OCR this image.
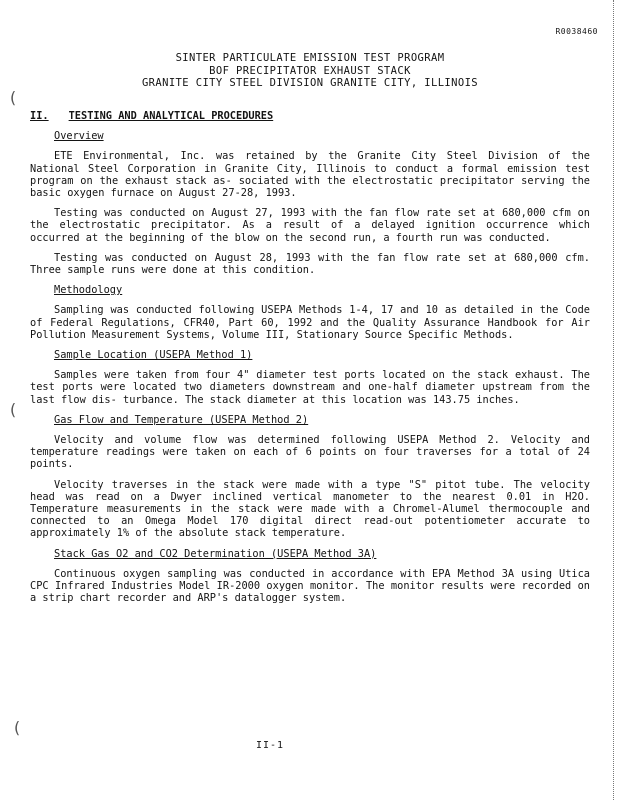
R0038460
SINTER PARTICULATE EMISSION TEST PROGRAM
BOF PRECIPITATOR EXHAUST STACK
GRANITE CITY STEEL DIVISION GRANITE CITY, ILLINOIS
(
(
(
II. TESTING AND ANALYTICAL PROCEDURES
Overview
ETE Environmental, Inc. was retained by the Granite City Steel Division of the National Steel Corporation in Granite City, Illinois to conduct a formal emission test program on the exhaust stack as- sociated with the electrostatic precipitator serving the basic oxygen furnace on August 27-28, 1993.
Testing was conducted on August 27, 1993 with the fan flow rate set at 680,000 cfm on the electrostatic precipitator. As a result of a delayed ignition occurrence which occurred at the beginning of the blow on the second run, a fourth run was conducted.
Testing was conducted on August 28, 1993 with the fan flow rate set at 680,000 cfm. Three sample runs were done at this condition.
Methodology
Sampling was conducted following USEPA Methods 1-4, 17 and 10 as detailed in the Code of Federal Regulations, CFR40, Part 60, 1992 and the Quality Assurance Handbook for Air Pollution Measurement Systems, Volume III, Stationary Source Specific Methods.
Sample Location (USEPA Method 1)
Samples were taken from four 4" diameter test ports located on the stack exhaust. The test ports were located two diameters downstream and one-half diameter upstream from the last flow dis- turbance. The stack diameter at this location was 143.75 inches.
Gas Flow and Temperature (USEPA Method 2)
Velocity and volume flow was determined following USEPA Method 2. Velocity and temperature readings were taken on each of 6 points on four traverses for a total of 24 points.
Velocity traverses in the stack were made with a type "S" pitot tube. The velocity head was read on a Dwyer inclined vertical manometer to the nearest 0.01 in H2O. Temperature measurements in the stack were made with a Chromel-Alumel thermocouple and connected to an Omega Model 170 digital direct read-out potentiometer accurate to approximately 1% of the absolute stack temperature.
Stack Gas O2 and CO2 Determination (USEPA Method 3A)
Continuous oxygen sampling was conducted in accordance with EPA Method 3A using Utica CPC Infrared Industries Model IR-2000 oxygen monitor. The monitor results were recorded on a strip chart recorder and ARP's datalogger system.
II-1
